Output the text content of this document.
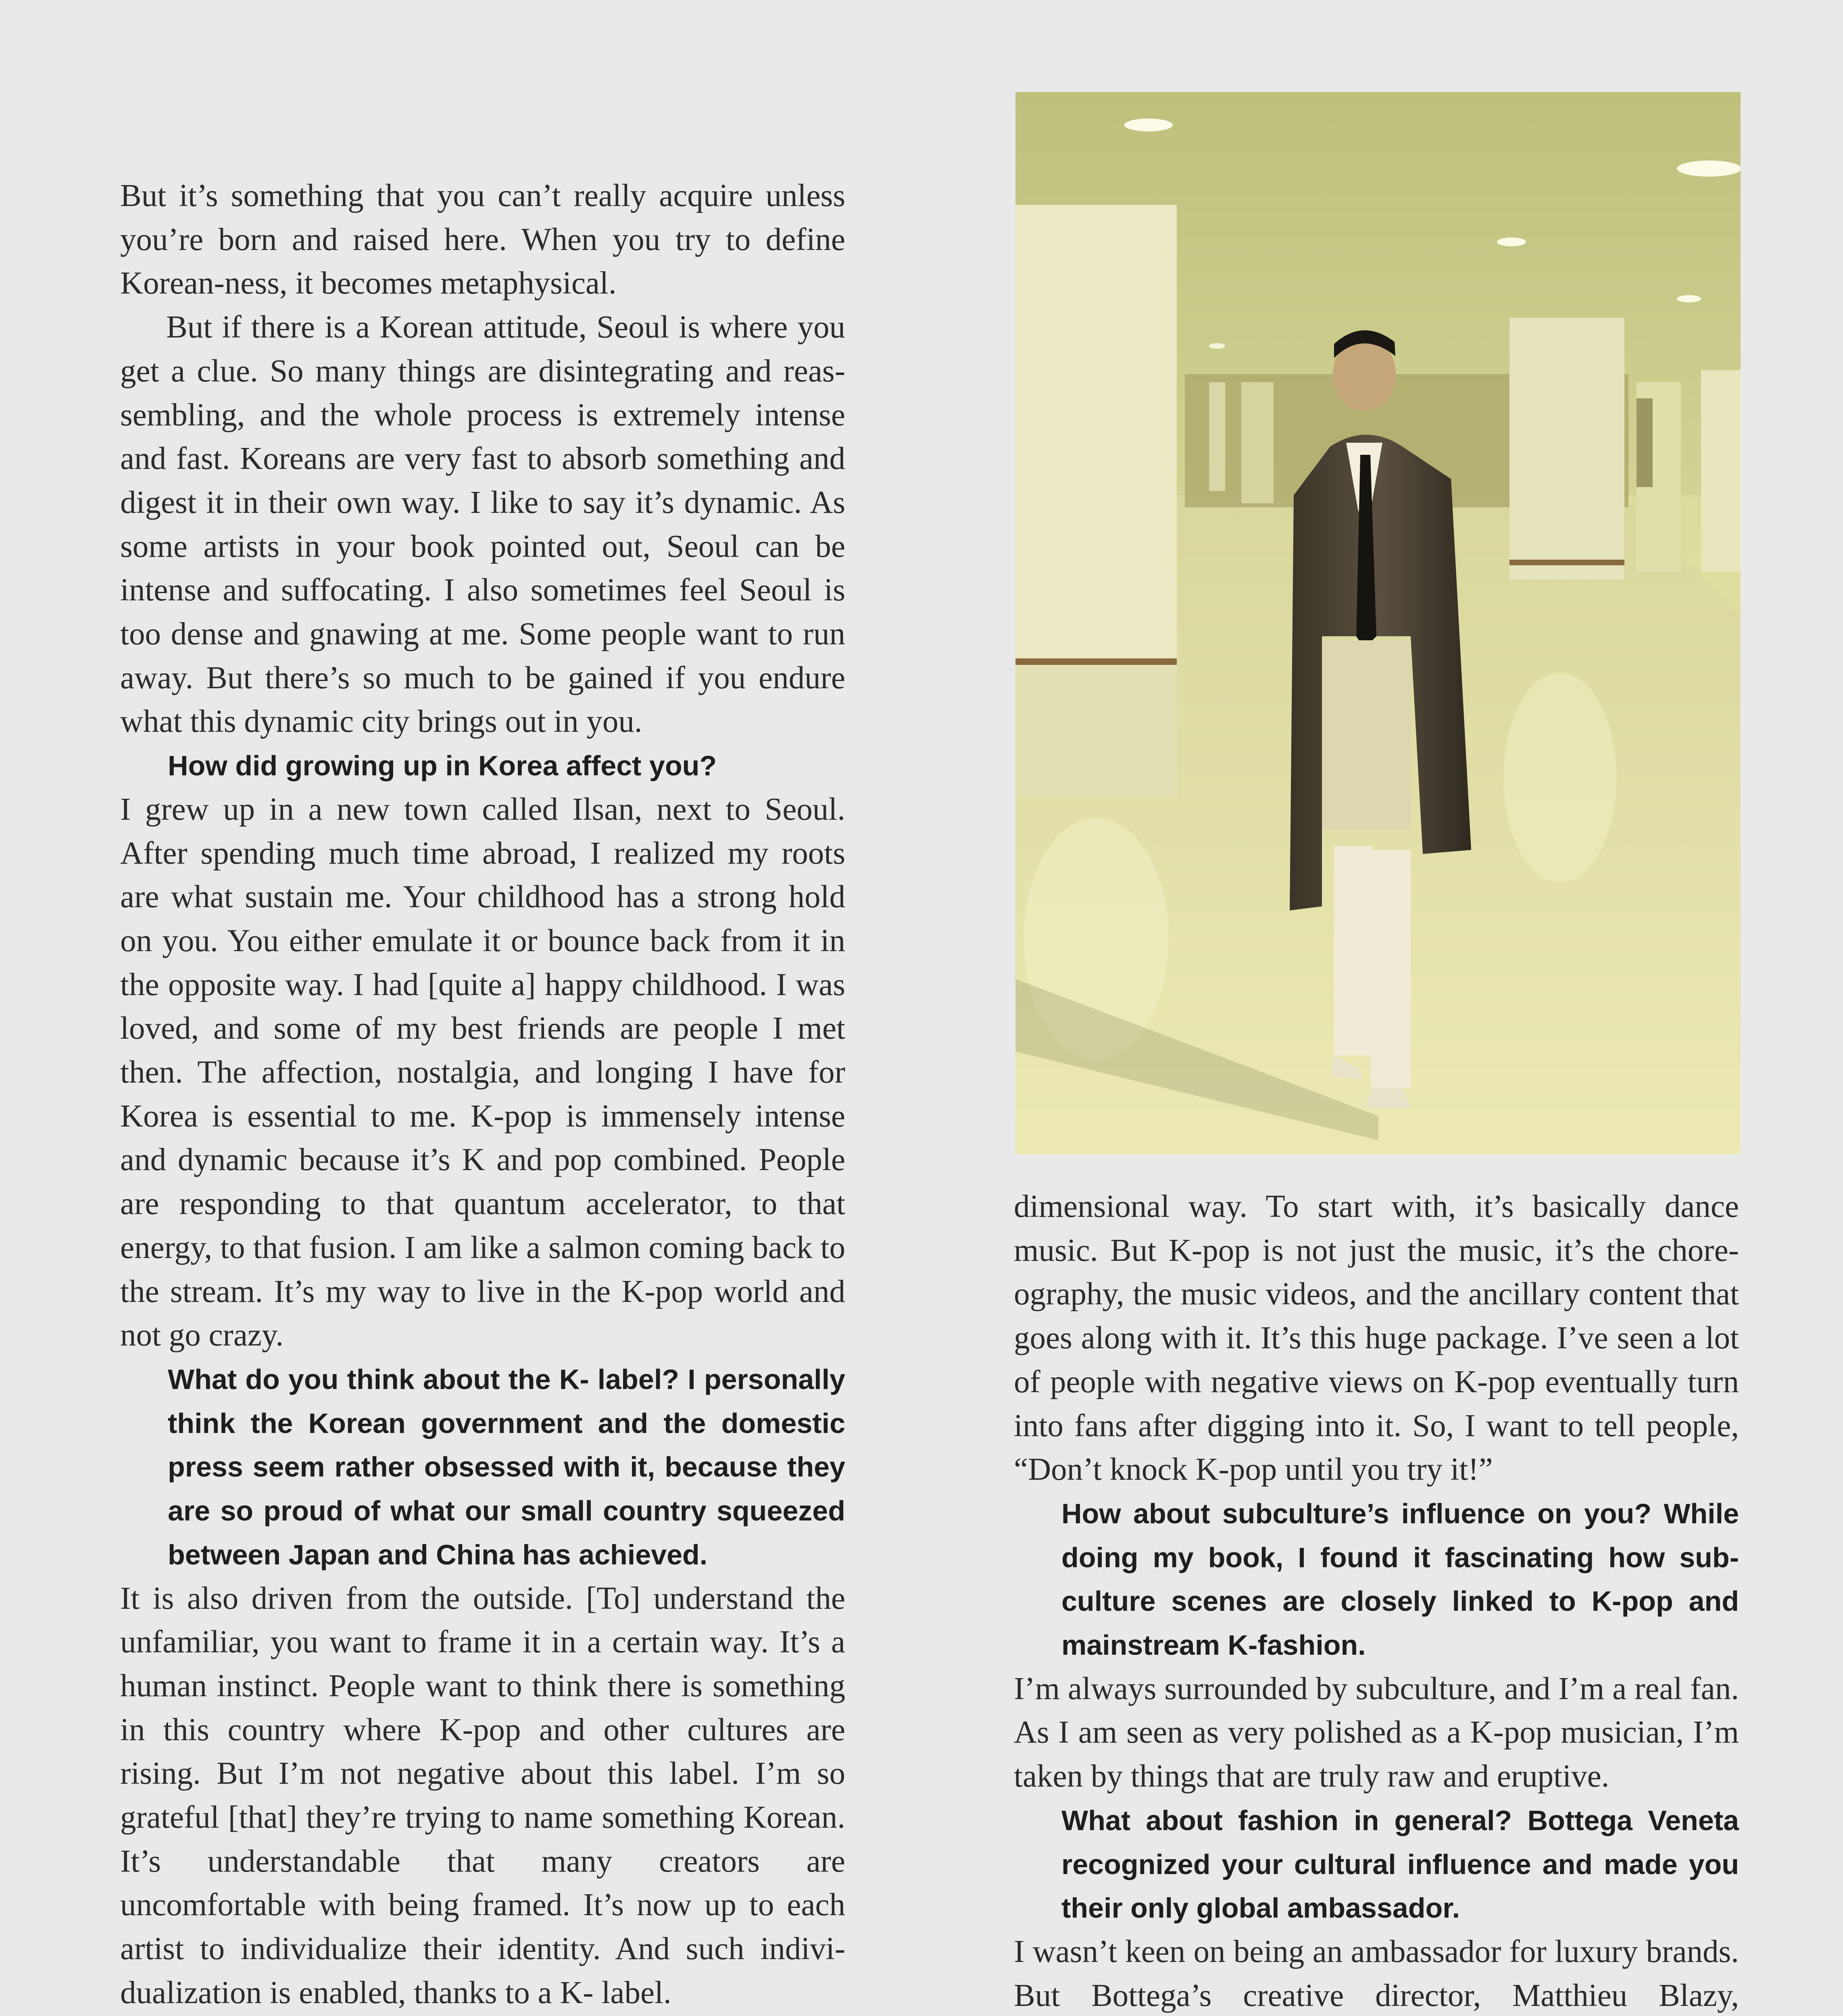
But it’s something that you can’t really acquire unless you’re born and raised here. When you try to define Korean-ness, it becomes metaphysical.

But if there is a Korean attitude, Seoul is where you get a clue. So many things are disintegrating and reassembling, and the whole process is extremely intense and fast. Koreans are very fast to absorb something and digest it in their own way. I like to say it’s dynamic. As some artists in your book pointed out, Seoul can be intense and suffocating. I also sometimes feel Seoul is too dense and gnawing at me. Some people want to run away. But there’s so much to be gained if you endure what this dynamic city brings out in you.

How did growing up in Korea affect you?

I grew up in a new town called Ilsan, next to Seoul. After spending much time abroad, I realized my roots are what sustain me. Your childhood has a strong hold on you. You either emulate it or bounce back from it in the opposite way. I had [quite a] happy childhood. I was loved, and some of my best friends are people I met then. The affection, nostalgia, and longing I have for Korea is essential to me. K-pop is immensely intense and dynamic because it’s K and pop combined. People are responding to that quantum accelerator, to that energy, to that fusion. I am like a salmon coming back to the stream. It’s my way to live in the K-pop world and not go crazy.

What do you think about the K- label? I personally think the Korean government and the domestic press seem rather obsessed with it, because they are so proud of what our small country squeezed between Japan and China has achieved.

It is also driven from the outside. [To] understand the unfamiliar, you want to frame it in a certain way. It’s a human instinct. People want to think there is something in this country where K-pop and other cultures are rising. But I’m not negative about this label. I’m so grateful [that] they’re trying to name something Korean. It’s understandable that many creators are uncomfortable with being framed. It’s now up to each artist to individualize their identity. And such individualization is enabled, thanks to a K- label.

dimensional way. To start with, it’s basically dance music. But K-pop is not just the music, it’s the choreography, the music videos, and the ancillary content that goes along with it. It’s this huge package. I’ve seen a lot of people with negative views on K-pop eventually turn into fans after digging into it. So, I want to tell people, “Don’t knock K-pop until you try it!”

How about subculture’s influence on you? While doing my book, I found it fascinating how subculture scenes are closely linked to K-pop and mainstream K-fashion.

I’m always surrounded by subculture, and I’m a real fan. As I am seen as very polished as a K-pop musician, I’m taken by things that are truly raw and eruptive.

What about fashion in general? Bottega Veneta recognized your cultural influence and made you their only global ambassador.

I wasn’t keen on being an ambassador for luxury brands. But Bottega’s creative director, Matthieu Blazy,
